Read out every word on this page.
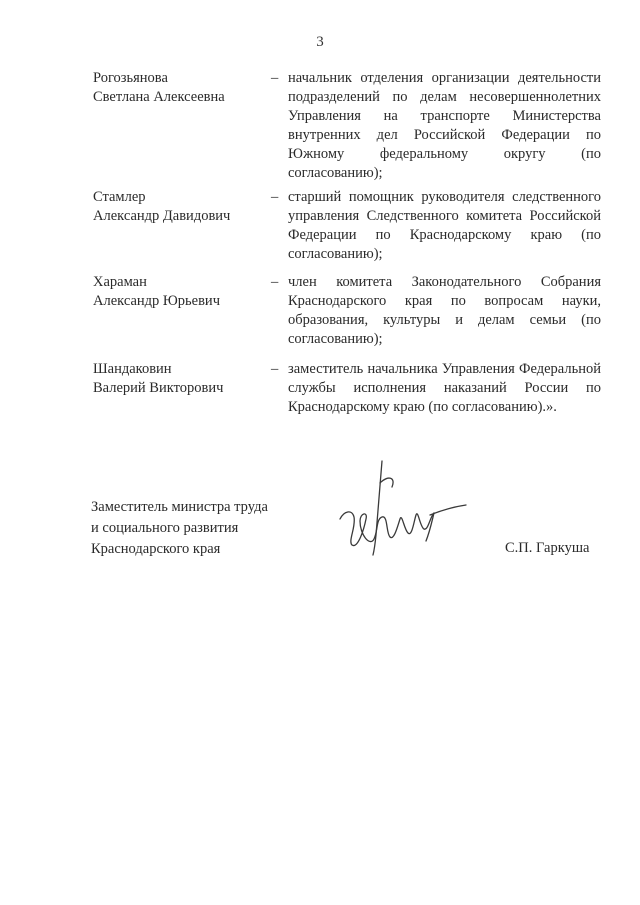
3
Рогозьянова
Светлана Алексеевна
– начальник отделения организации деятельности подразделений по делам несовершеннолетних Управления на транспорте Министерства внутренних дел Российской Федерации по Южному федеральному округу (по согласованию);
Стамлер
Александр Давидович
– старший помощник руководителя следственного управления Следственного комитета Российской Федерации по Краснодарскому краю (по согласованию);
Хараман
Александр Юрьевич
– член комитета Законодательного Собрания Краснодарского края по вопросам науки, образования, культуры и делам семьи (по согласованию);
Шандаковин
Валерий Викторович
– заместитель начальника Управления Федеральной службы исполнения наказаний России по Краснодарскому краю (по согласованию).».
Заместитель министра труда
и социального развития
Краснодарского края	С.П. Гаркуша
